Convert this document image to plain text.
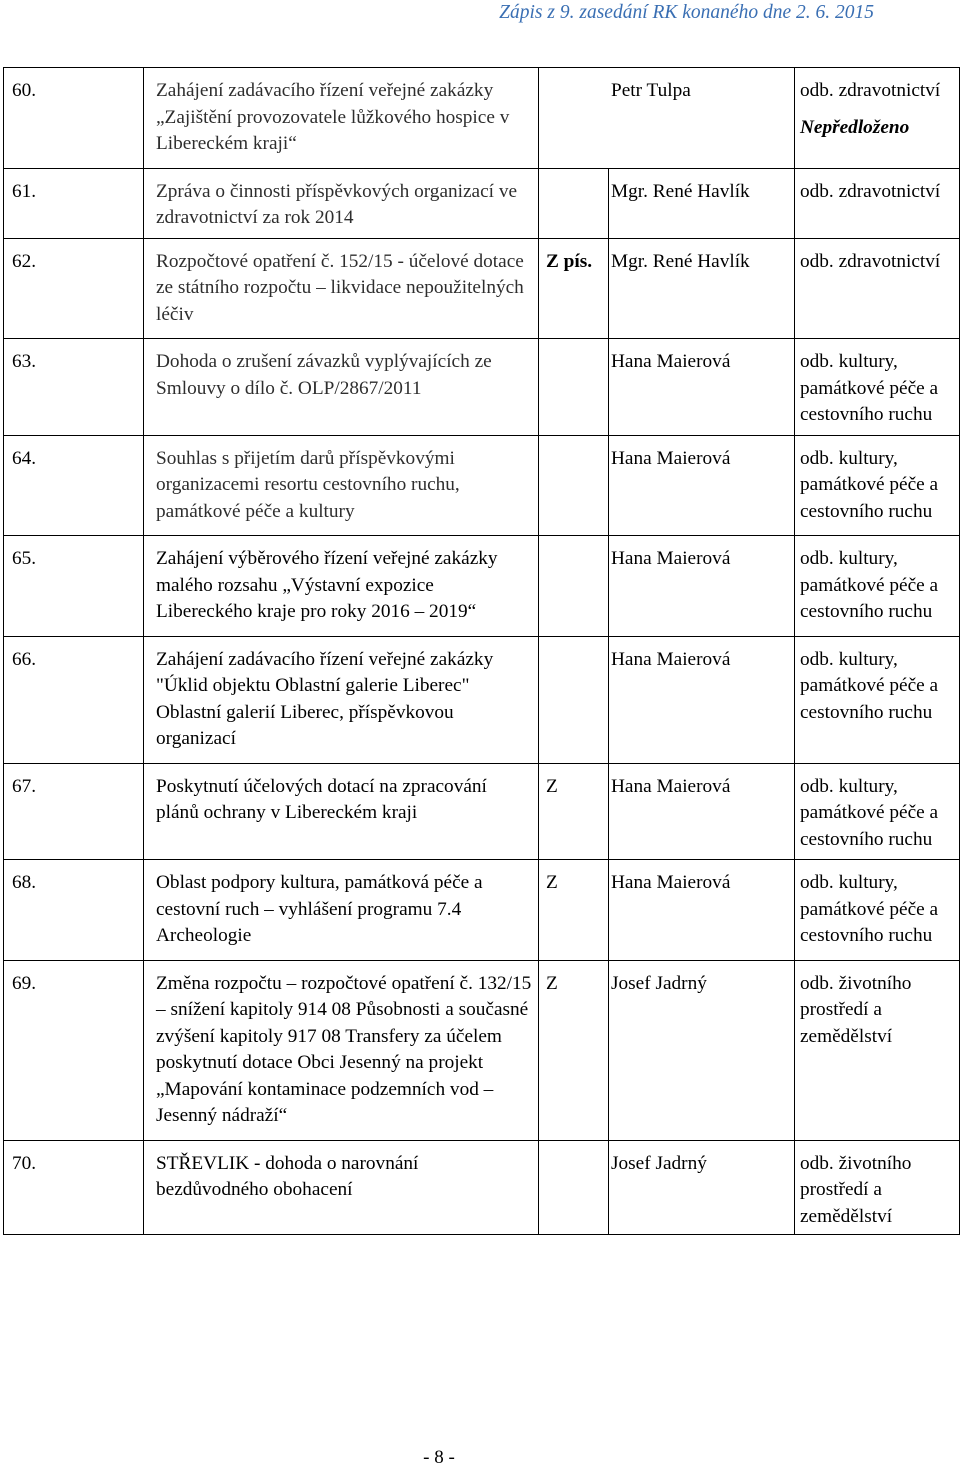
Zápis z 9. zasedání RK konaného dne 2. 6. 2015
60.	Zahájení zadávacího řízení veřejné zakázky „Zajištění provozovatele lůžkového hospice v Libereckém kraji“	Petr Tulpa		odb. zdravotnictví
Nepředloženo

61.	Zpráva o činnosti příspěvkových organizací ve zdravotnictví za rok 2014		Mgr. René Havlík	odb. zdravotnictví

62.	Rozpočtové opatření č. 152/15 - účelové dotace ze státního rozpočtu – likvidace nepoužitelných léčiv	Z pís.	Mgr. René Havlík	odb. zdravotnictví

63.	Dohoda o zrušení závazků vyplývajících ze Smlouvy o dílo č. OLP/2867/2011		Hana Maierová	odb. kultury, památkové péče a cestovního ruchu

64.	Souhlas s přijetím darů příspěvkovými organizacemi resortu cestovního ruchu, památkové péče a kultury		Hana Maierová	odb. kultury, památkové péče a cestovního ruchu

65.	Zahájení výběrového řízení veřejné zakázky malého rozsahu „Výstavní expozice Libereckého kraje pro roky 2016 – 2019“		Hana Maierová	odb. kultury, památkové péče a cestovního ruchu

66.	Zahájení zadávacího řízení veřejné zakázky "Úklid objektu Oblastní galerie Liberec" Oblastní galerií Liberec, příspěvkovou organizací		Hana Maierová	odb. kultury, památkové péče a cestovního ruchu

67.	Poskytnutí účelových dotací na zpracování plánů ochrany v Libereckém kraji	Z	Hana Maierová	odb. kultury, památkové péče a cestovního ruchu

68.	Oblast podpory kultura, památková péče a cestovní ruch – vyhlášení programu 7.4 Archeologie	Z	Hana Maierová	odb. kultury, památkové péče a cestovního ruchu

69.	Změna rozpočtu – rozpočtové opatření č. 132/15 – snížení kapitoly 914 08 Působnosti a současné zvýšení kapitoly 917 08 Transfery za účelem poskytnutí dotace Obci Jesenný na projekt „Mapování kontaminace podzemních vod – Jesenný nádraží“	Z	Josef Jadrný	odb. životního prostředí a zemědělství

70.	STŘEVLIK - dohoda o narovnání bezdůvodného obohacení		Josef Jadrný	odb. životního prostředí a zemědělství
- 8 -
